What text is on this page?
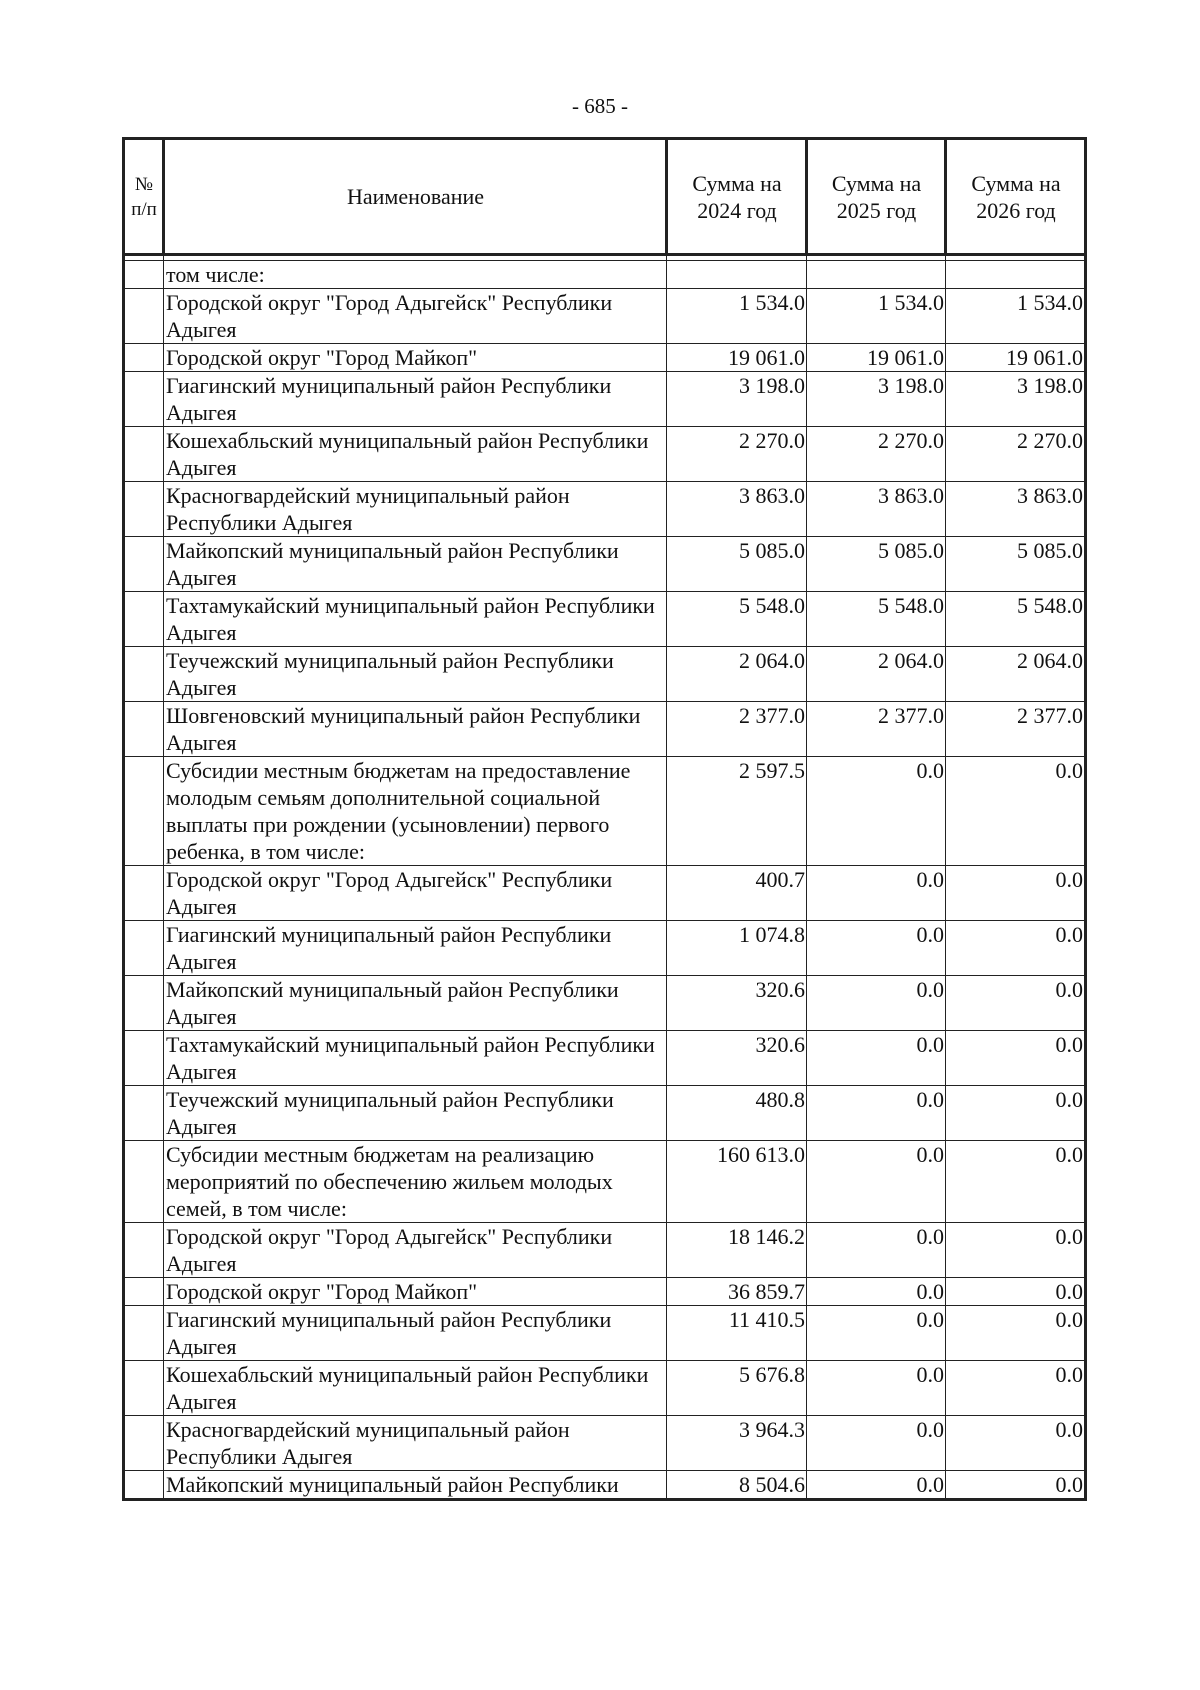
- 685 -
№ п/п	Наименование	Сумма на 2024 год	Сумма на 2025 год	Сумма на 2026 год

	том числе:			
	Городской округ "Город Адыгейск" Республики Адыгея	1 534.0	1 534.0	1 534.0
	Городской округ "Город Майкоп"	19 061.0	19 061.0	19 061.0
	Гиагинский муниципальный район Республики Адыгея	3 198.0	3 198.0	3 198.0
	Кошехабльский муниципальный район Республики Адыгея	2 270.0	2 270.0	2 270.0
	Красногвардейский муниципальный район Республики Адыгея	3 863.0	3 863.0	3 863.0
	Майкопский муниципальный район Республики Адыгея	5 085.0	5 085.0	5 085.0
	Тахтамукайский муниципальный район Республики Адыгея	5 548.0	5 548.0	5 548.0
	Теучежский муниципальный район Республики Адыгея	2 064.0	2 064.0	2 064.0
	Шовгеновский муниципальный район Республики Адыгея	2 377.0	2 377.0	2 377.0
	Субсидии местным бюджетам на предоставление молодым семьям дополнительной социальной выплаты при рождении (усыновлении) первого ребенка, в том числе:	2 597.5	0.0	0.0
	Городской округ "Город Адыгейск" Республики Адыгея	400.7	0.0	0.0
	Гиагинский муниципальный район Республики Адыгея	1 074.8	0.0	0.0
	Майкопский муниципальный район Республики Адыгея	320.6	0.0	0.0
	Тахтамукайский муниципальный район Республики Адыгея	320.6	0.0	0.0
	Теучежский муниципальный район Республики Адыгея	480.8	0.0	0.0
	Субсидии местным бюджетам на реализацию мероприятий по обеспечению жильем молодых семей, в том числе:	160 613.0	0.0	0.0
	Городской округ "Город Адыгейск" Республики Адыгея	18 146.2	0.0	0.0
	Городской округ "Город Майкоп"	36 859.7	0.0	0.0
	Гиагинский муниципальный район Республики Адыгея	11 410.5	0.0	0.0
	Кошехабльский муниципальный район Республики Адыгея	5 676.8	0.0	0.0
	Красногвардейский муниципальный район Республики Адыгея	3 964.3	0.0	0.0
	Майкопский муниципальный район Республики	8 504.6	0.0	0.0
